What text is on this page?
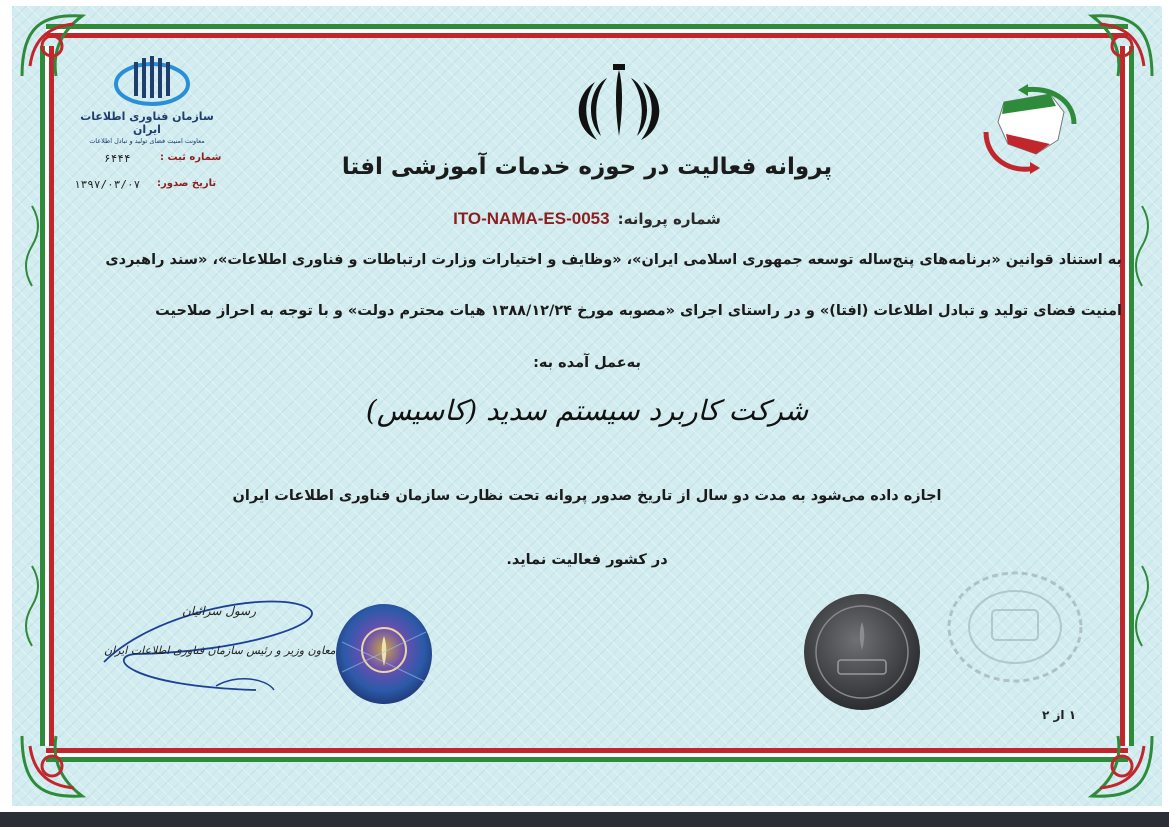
سازمان فناوری اطلاعات ایران
معاونت امنیت فضای تولید و تبادل اطلاعات
شماره ثبت :
۶۴۴۴
تاریخ صدور:
۱۳۹۷/۰۳/۰۷
پروانه فعالیت در حوزه خدمات آموزشی افتا
شماره پروانه:ITO-NAMA-ES-0053
به استناد قوانین «برنامه‌های پنج‌ساله توسعه جمهوری اسلامی ایران»، «وظایف و اختیارات وزارت ارتباطات و فناوری اطلاعات»، «سند راهبردی
امنیت فضای تولید و تبادل اطلاعات (افتا)» و در راستای اجرای «مصوبه مورخ ۱۳۸۸/۱۲/۲۴ هیات محترم دولت» و با توجه به احراز صلاحیت
به‌عمل آمده به:
شرکت کاربرد سیستم سدید (کاسیس)
اجازه داده می‌شود به مدت دو سال از تاریخ صدور پروانه تحت نظارت سازمان فناوری اطلاعات ایران
در کشور فعالیت نماید.
رسول سرائیان
معاون وزیر و رئیس سازمان فناوری اطلاعات ایران
۱ از ۲
